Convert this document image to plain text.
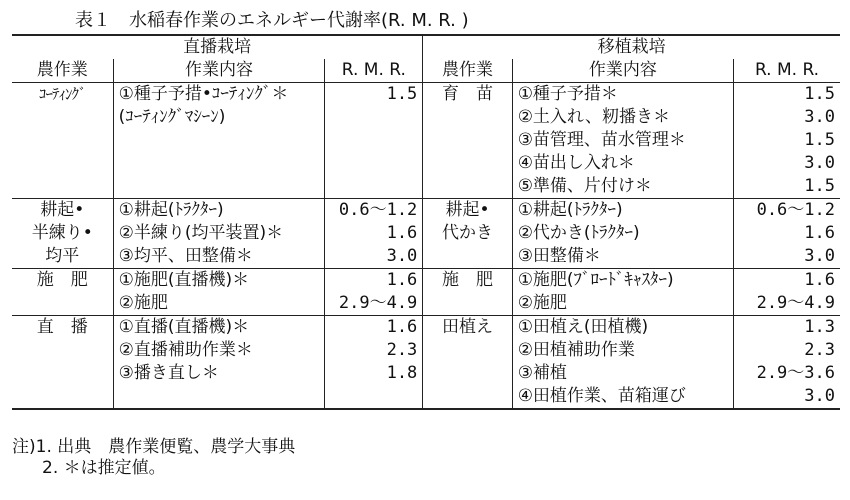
表１　水稲春作業のエネルギー代謝率(R. M. R. )
直播栽培			移植栽培		
農作業	作業内容	R. M. R.	農作業	作業内容	R. M. R.
ｺｰﾃｨﾝｸﾞ	①種子予措•ｺｰﾃｨﾝｸﾞ＊	1.5	育　苗	①種子予措＊	1.5
	(ｺｰﾃｨﾝｸﾞﾏｼｰﾝ)			②土入れ、籾播き＊	3.0
				③苗管理、苗水管理＊	1.5
				④苗出し入れ＊	3.0
				⑤準備、片付け＊	1.5
耕起•	①耕起(ﾄﾗｸﾀｰ)	0.6～1.2	耕起•	①耕起(ﾄﾗｸﾀｰ)	0.6～1.2
半練り•	②半練り(均平装置)＊	1.6	代かき	②代かき(ﾄﾗｸﾀｰ)	1.6
均平	③均平、田整備＊	3.0		③田整備＊	3.0
施　肥	①施肥(直播機)＊	1.6	施　肥	①施肥(ﾌﾞﾛｰﾄﾞｷｬｽﾀｰ)	1.6
	②施肥	2.9～4.9		②施肥	2.9～4.9
直　播	①直播(直播機)＊	1.6	田植え	①田植え(田植機)	1.3
	②直播補助作業＊	2.3		②田植補助作業	2.3
	③播き直し＊	1.8		③補植	2.9～3.6
				④田植作業、苗箱運び	3.0
注)1. 出典　農作業便覧、農学大事典
2. ＊は推定値。
